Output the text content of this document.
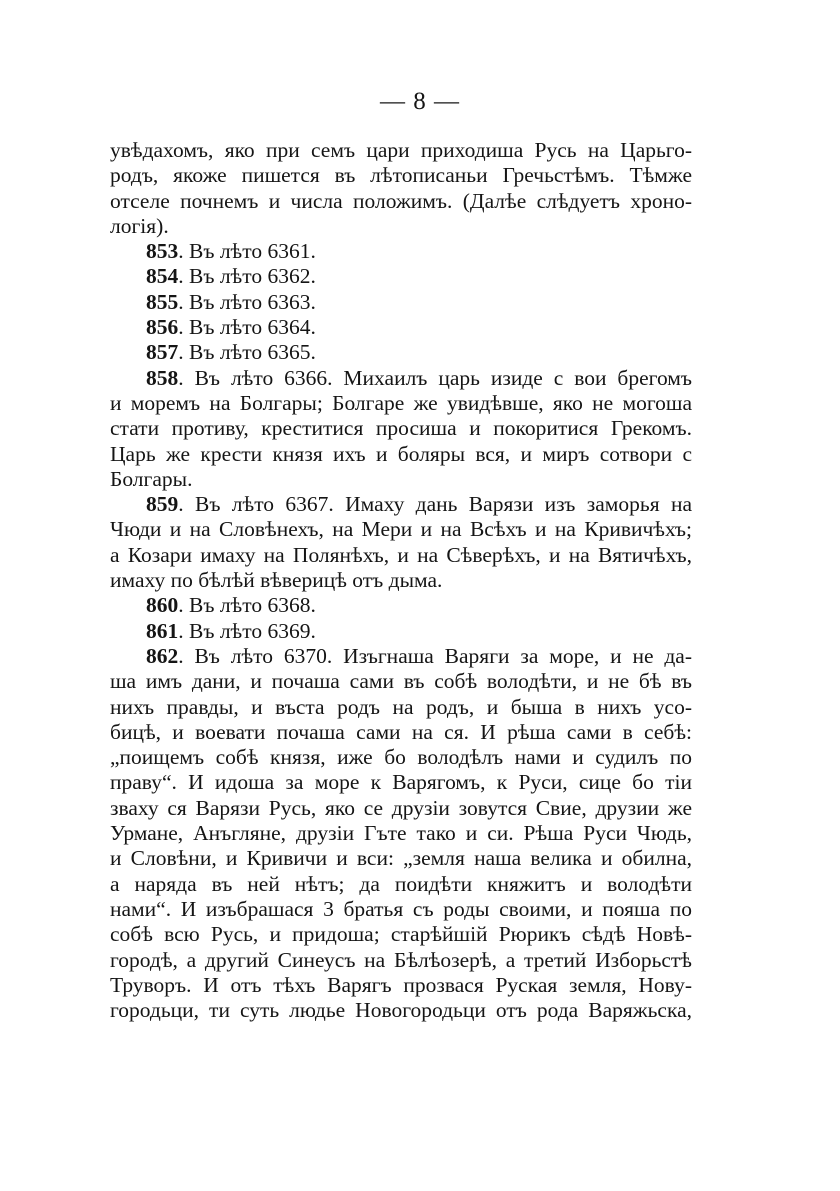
— 8 —
увѣдахомъ, яко при семъ цари приходиша Русь на Царьго-
родъ, якоже пишется въ лѣтописаньи Гречьстѣмъ. Тѣмже
отселе почнемъ и числа положимъ. (Далѣе слѣдуетъ хроно-
логія).
853. Въ лѣто 6361.
854. Въ лѣто 6362.
855. Въ лѣто 6363.
856. Въ лѣто 6364.
857. Въ лѣто 6365.
858. Въ лѣто 6366. Михаилъ царь изиде с вои брегомъ
и моремъ на Болгары; Болгаре же увидѣвше, яко не могоша
стати противу, креститися просиша и покоритися Грекомъ.
Царь же крести князя ихъ и боляры вся, и миръ сотвори с
Болгары.
859. Въ лѣто 6367. Имаху дань Варязи изъ заморья на
Чюди и на Словѣнехъ, на Мери и на Всѣхъ и на Кривичѣхъ;
а Козари имаху на Полянѣхъ, и на Сѣверѣхъ, и на Вятичѣхъ,
имаху по бѣлѣй вѣверицѣ отъ дыма.
860. Въ лѣто 6368.
861. Въ лѣто 6369.
862. Въ лѣто 6370. Изъгнаша Варяги за море, и не да-
ша имъ дани, и почаша сами въ собѣ володѣти, и не бѣ въ
нихъ правды, и въста родъ на родъ, и быша в нихъ усо-
бицѣ, и воевати почаша сами на ся. И рѣша сами в себѣ:
„поищемъ собѣ князя, иже бо володѣлъ нами и судилъ по
праву“. И идоша за море к Варягомъ, к Руси, сице бо тіи
зваху ся Варязи Русь, яко се друзіи зовутся Свие, друзии же
Урмане, Анъгляне, друзіи Гъте тако и си. Рѣша Руси Чюдь,
и Словѣни, и Кривичи и вси: „земля наша велика и обилна,
а наряда въ ней нѣтъ; да поидѣти княжитъ и володѣти
нами“. И изъбрашася 3 братья съ роды своими, и пояша по
собѣ всю Русь, и придоша; старѣйшій Рюрикъ сѣдѣ Новѣ-
городѣ, а другий Синеусъ на Бѣлѣозерѣ, а третий Изборьстѣ
Труворъ. И отъ тѣхъ Варягъ прозвася Руская земля, Нову-
городьци, ти суть людье Новогородьци отъ рода Варяжьска,
